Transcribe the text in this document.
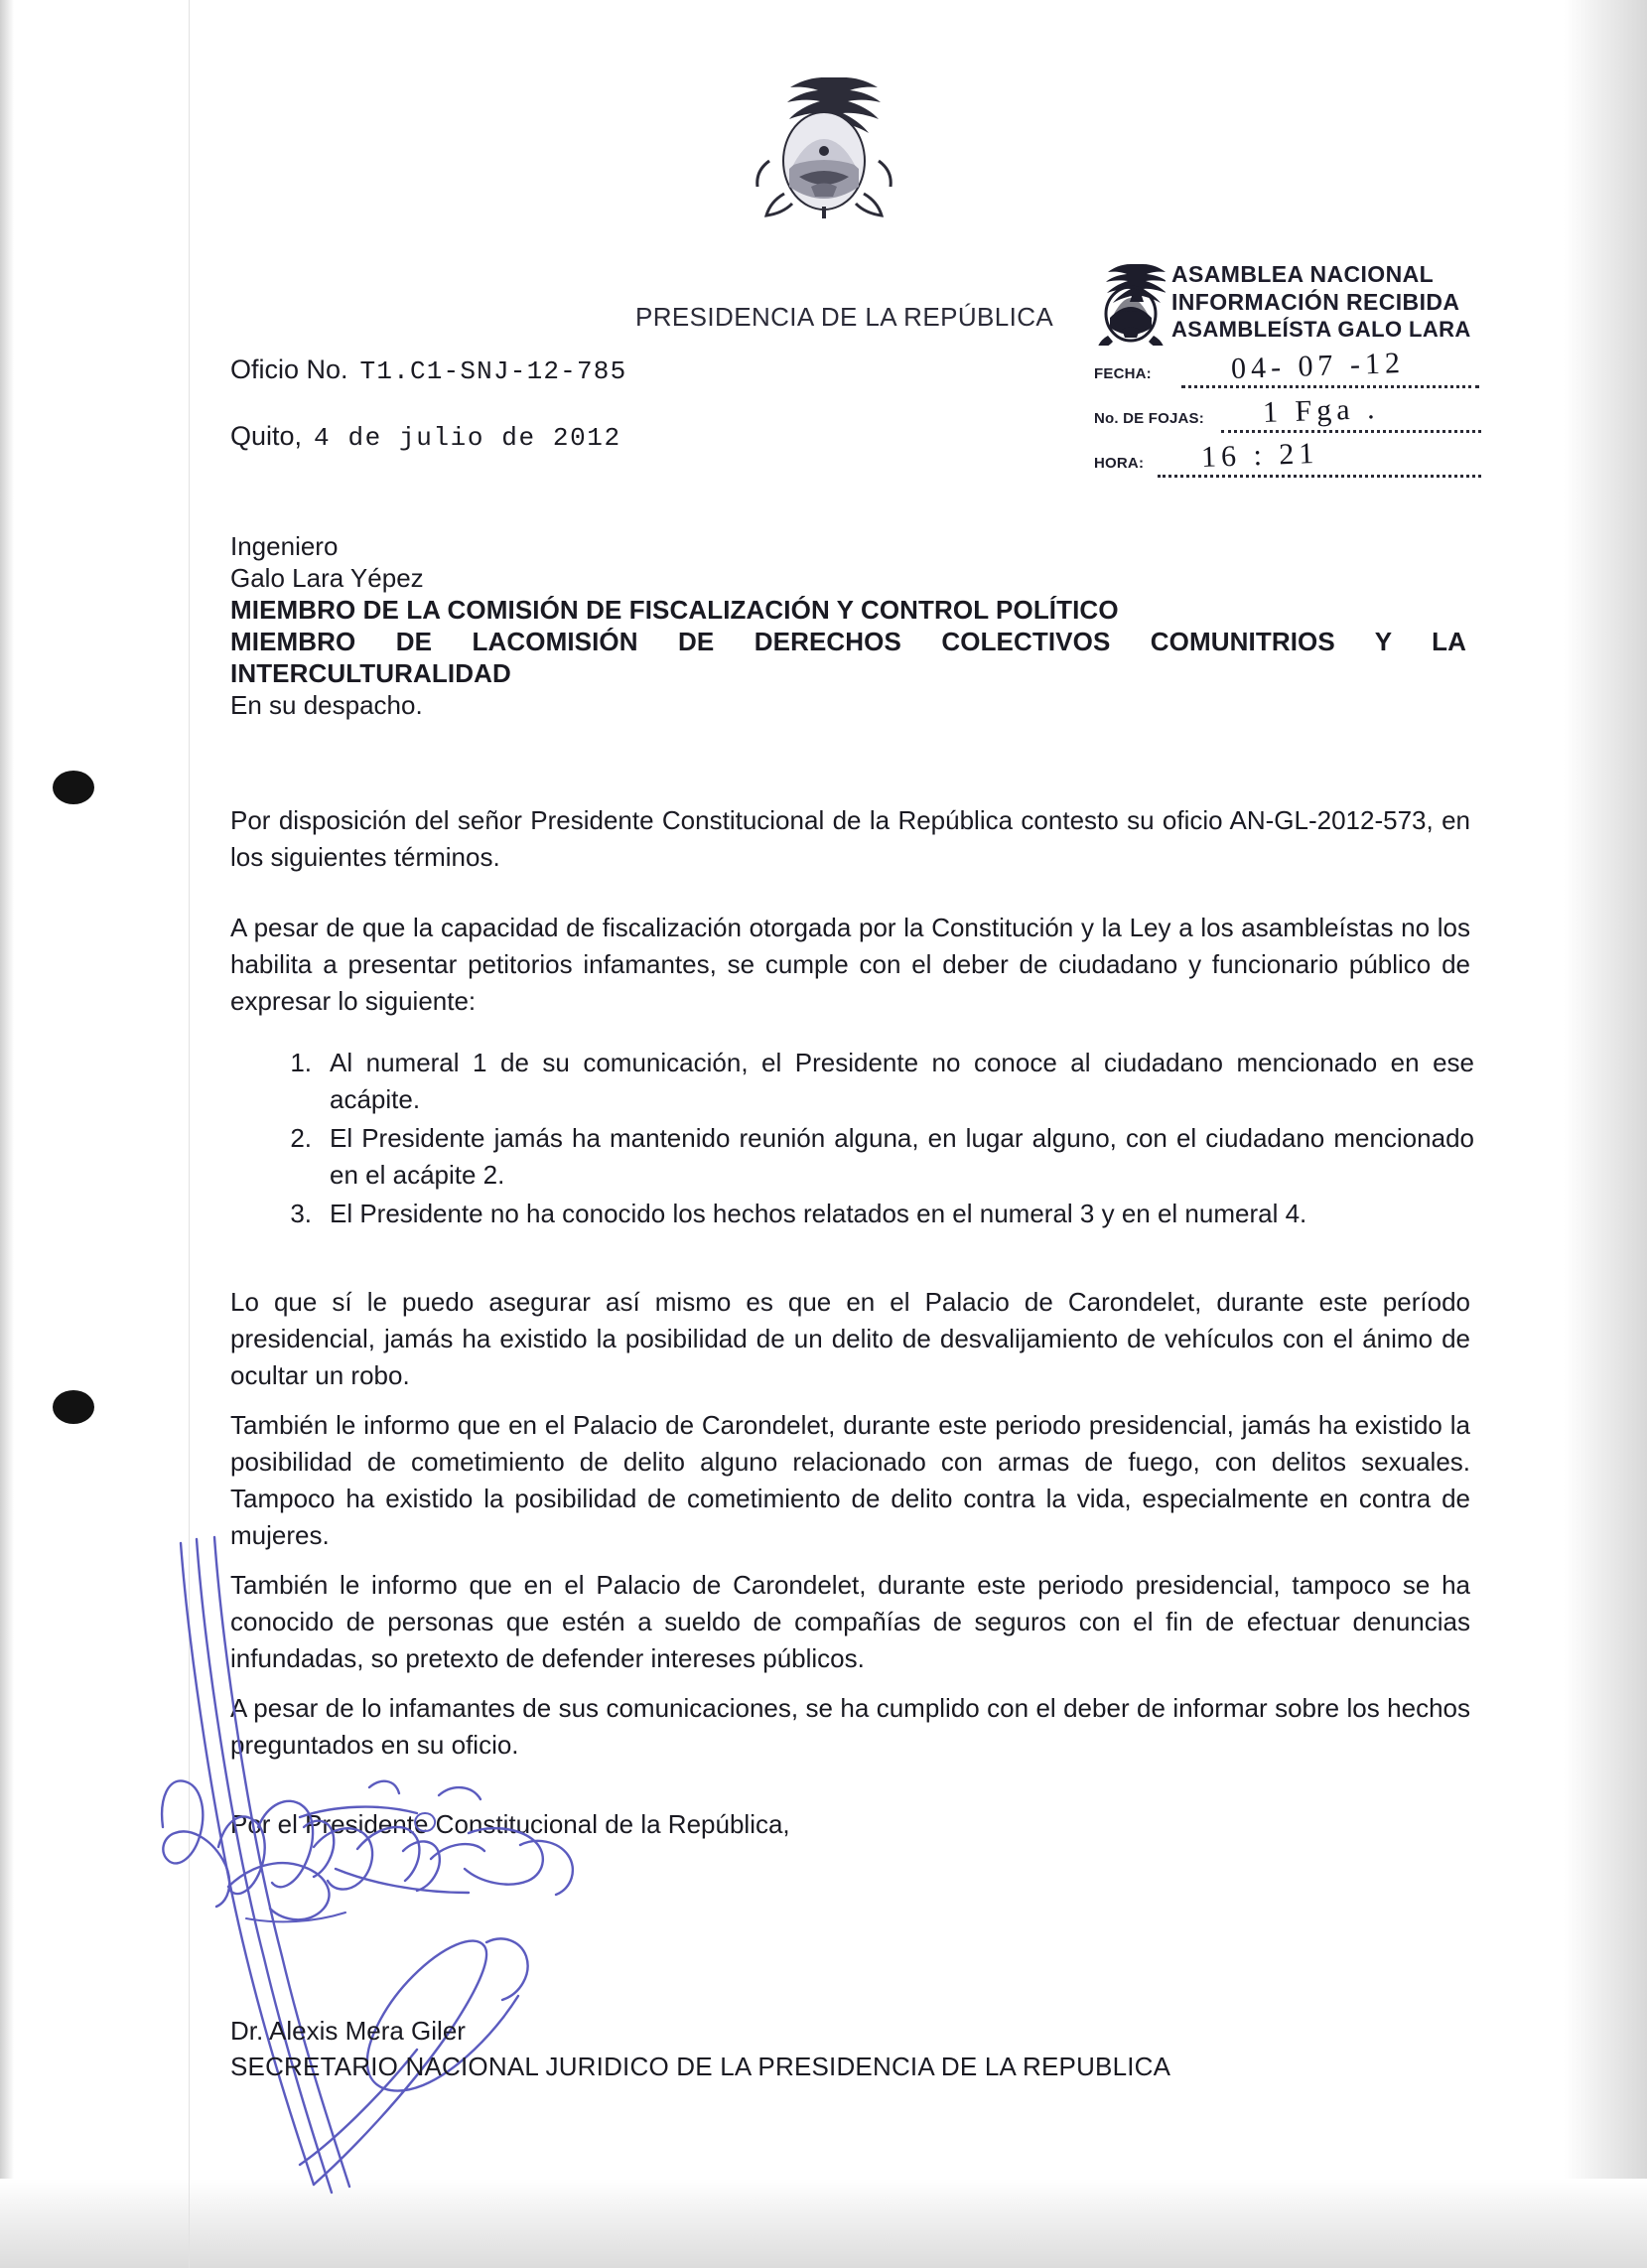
PRESIDENCIA DE LA REPÚBLICA
Oficio No. T1.C1-SNJ-12-785
Quito, 4 de julio de 2012
ASAMBLEA NACIONAL
INFORMACIÓN RECIBIDA
ASAMBLEÍSTA GALO LARA
FECHA:	04- 07 -12
No. DE FOJAS: 1 Fga .
HORA: 16 : 21
Ingeniero
Galo Lara Yépez
MIEMBRO DE LA COMISIÓN DE FISCALIZACIÓN Y CONTROL POLÍTICO
MIEMBRO DE LACOMISIÓN DE DERECHOS COLECTIVOS COMUNITRIOS Y LA
INTERCULTURALIDAD
En su despacho.
Por disposición del señor Presidente Constitucional de la República contesto su oficio AN-GL-2012-573, en los siguientes términos.
A pesar de que la capacidad de fiscalización otorgada por la Constitución y la Ley a los asambleístas no los habilita a presentar petitorios infamantes, se cumple con el deber de ciudadano y funcionario público de expresar lo siguiente:
1. Al numeral 1 de su comunicación, el Presidente no conoce al ciudadano mencionado en ese acápite.
2. El Presidente jamás ha mantenido reunión alguna, en lugar alguno, con el ciudadano mencionado en el acápite 2.
3. El Presidente no ha conocido los hechos relatados en el numeral 3 y en el numeral 4.
Lo que sí le puedo asegurar así mismo es que en el Palacio de Carondelet, durante este período presidencial, jamás ha existido la posibilidad de un delito de desvalijamiento de vehículos con el ánimo de ocultar un robo.
También le informo que en el Palacio de Carondelet, durante este periodo presidencial, jamás ha existido la posibilidad de cometimiento de delito alguno relacionado con armas de fuego, con delitos sexuales. Tampoco ha existido la posibilidad de cometimiento de delito contra la vida, especialmente en contra de mujeres.
También le informo que en el Palacio de Carondelet, durante este periodo presidencial, tampoco se ha conocido de personas que estén a sueldo de compañías de seguros con el fin de efectuar denuncias infundadas, so pretexto de defender intereses públicos.
A pesar de lo infamantes de sus comunicaciones, se ha cumplido con el deber de informar sobre los hechos preguntados en su oficio.
Por el Presidente Constitucional de la República,
Dr. Alexis Mera Giler
SECRETARIO NACIONAL JURIDICO DE LA PRESIDENCIA DE LA REPUBLICA
